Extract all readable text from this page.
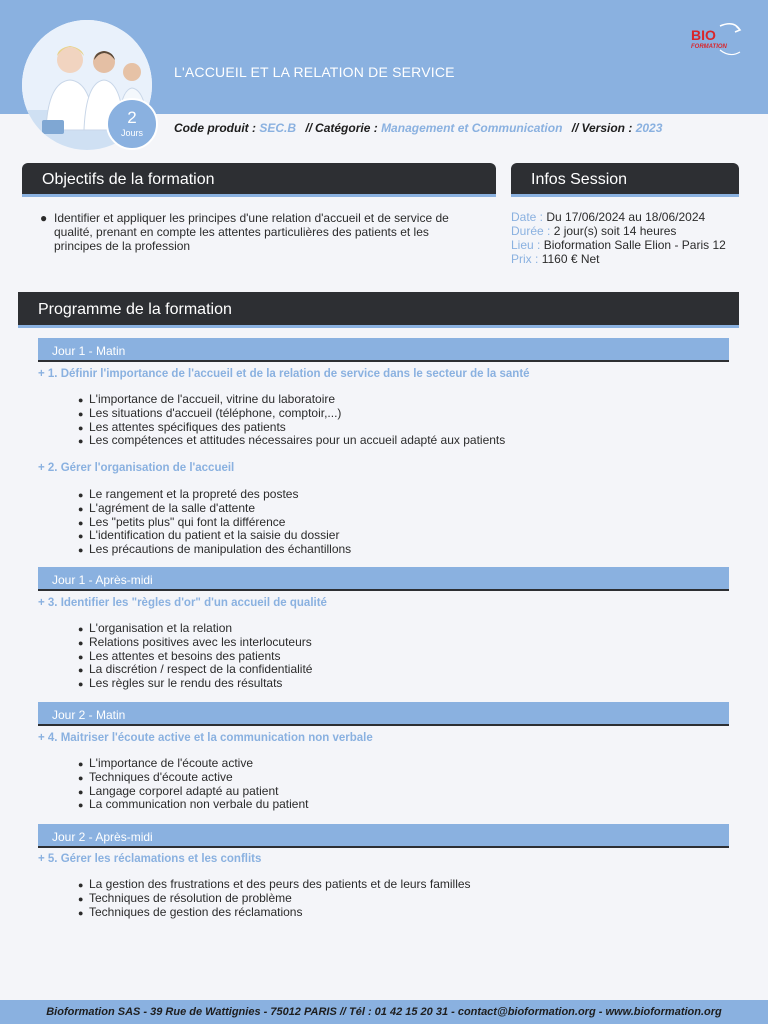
2
Jours
L'ACCUEIL ET LA RELATION DE SERVICE
BIO
FORMATION
Code produit : SEC.B // Catégorie : Management et Communication // Version : 2023
Objectifs de la formation	Infos Session
● Identifier et appliquer les principes d'une relation d'accueil et de service de qualité, prenant en compte les attentes particulières des patients et les principes de la profession
Date : Du 17/06/2024 au 18/06/2024
Durée : 2 jour(s) soit 14 heures
Lieu : Bioformation Salle Elion - Paris 12
Prix : 1160 € Net
Programme de la formation
Jour 1 - Matin
+ 1. Définir l'importance de l'accueil et de la relation de service dans le secteur de la santé
● L'importance de l'accueil, vitrine du laboratoire
● Les situations d'accueil (téléphone, comptoir,...)
● Les attentes spécifiques des patients
● Les compétences et attitudes nécessaires pour un accueil adapté aux patients
+ 2. Gérer l'organisation de l'accueil
● Le rangement et la propreté des postes
● L'agrément de la salle d'attente
● Les "petits plus" qui font la différence
● L'identification du patient et la saisie du dossier
● Les précautions de manipulation des échantillons
Jour 1 - Après-midi
+ 3. Identifier les "règles d'or" d'un accueil de qualité
● L'organisation et la relation
● Relations positives avec les interlocuteurs
● Les attentes et besoins des patients
● La discrétion / respect de la confidentialité
● Les règles sur le rendu des résultats
Jour 2 - Matin
+ 4. Maitriser l'écoute active et la communication non verbale
● L'importance de l'écoute active
● Techniques d'écoute active
● Langage corporel adapté au patient
● La communication non verbale du patient
Jour 2 - Après-midi
+ 5. Gérer les réclamations et les conflits
● La gestion des frustrations et des peurs des patients et de leurs familles
● Techniques de résolution de problème
● Techniques de gestion des réclamations
Bioformation SAS - 39 Rue de Wattignies - 75012 PARIS // Tél : 01 42 15 20 31 - contact@bioformation.org - www.bioformation.org
